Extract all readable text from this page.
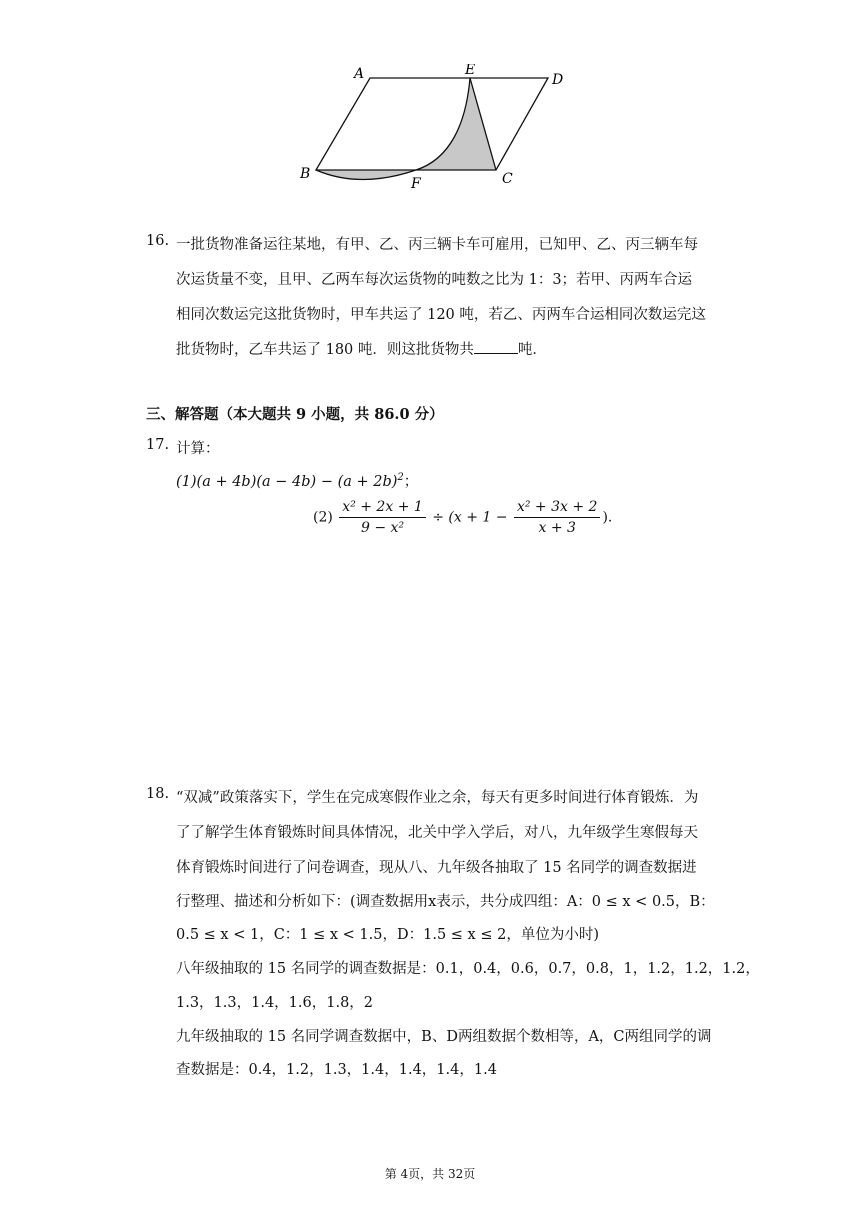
A	E
D
B
F	C
16. 一批货物准备运往某地，有甲、乙、丙三辆卡车可雇用，已知甲、乙、丙三辆车每
次运货量不变，且甲、乙两车每次运货物的吨数之比为 1：3；若甲、丙两车合运
相同次数运完这批货物时，甲车共运了 120 吨，若乙、丙两车合运相同次数运完这
批货物时，乙车共运了 180 吨．则这批货物共	吨．
三、解答题（本大题共 9 小题，共 86.0 分）
17. 计算：
$(1)(a + 4b)(a - 4b) - (a + 2b)^2$；
$(2) \frac{\text{x² + 2x + 1}}{\text{9 − x²}} \div (x + 1 - \frac{\text{x² + 3x + 2}}{x + 3}$ ).
18. “双减”政策落实下，学生在完成寒假作业之余，每天有更多时间进行体育锻炼．为
了了解学生体育锻炼时间具体情况，北关中学入学后，对八，九年级学生寒假每天
体育锻炼时间进行了问卷调查，现从八、九年级各抽取了 15 名同学的调查数据进
行整理、描述和分析如下：(调查数据用x表示，共分成四组：A：0 ≤ x < 0.5，B：
0.5 ≤ x < 1，C：1 ≤ x < 1.5，D：1.5 ≤ x ≤ 2，单位为小时)
八年级抽取的 15 名同学的调查数据是：0.1，0.4，0.6，0.7，0.8，1，1.2，1.2，1.2，
1.3，1.3，1.4，1.6，1.8，2
九年级抽取的 15 名同学调查数据中，B、D两组数据个数相等，A，C两组同学的调
查数据是：0.4，1.2，1.3，1.4，1.4，1.4，1.4
第 4页，共 32页
